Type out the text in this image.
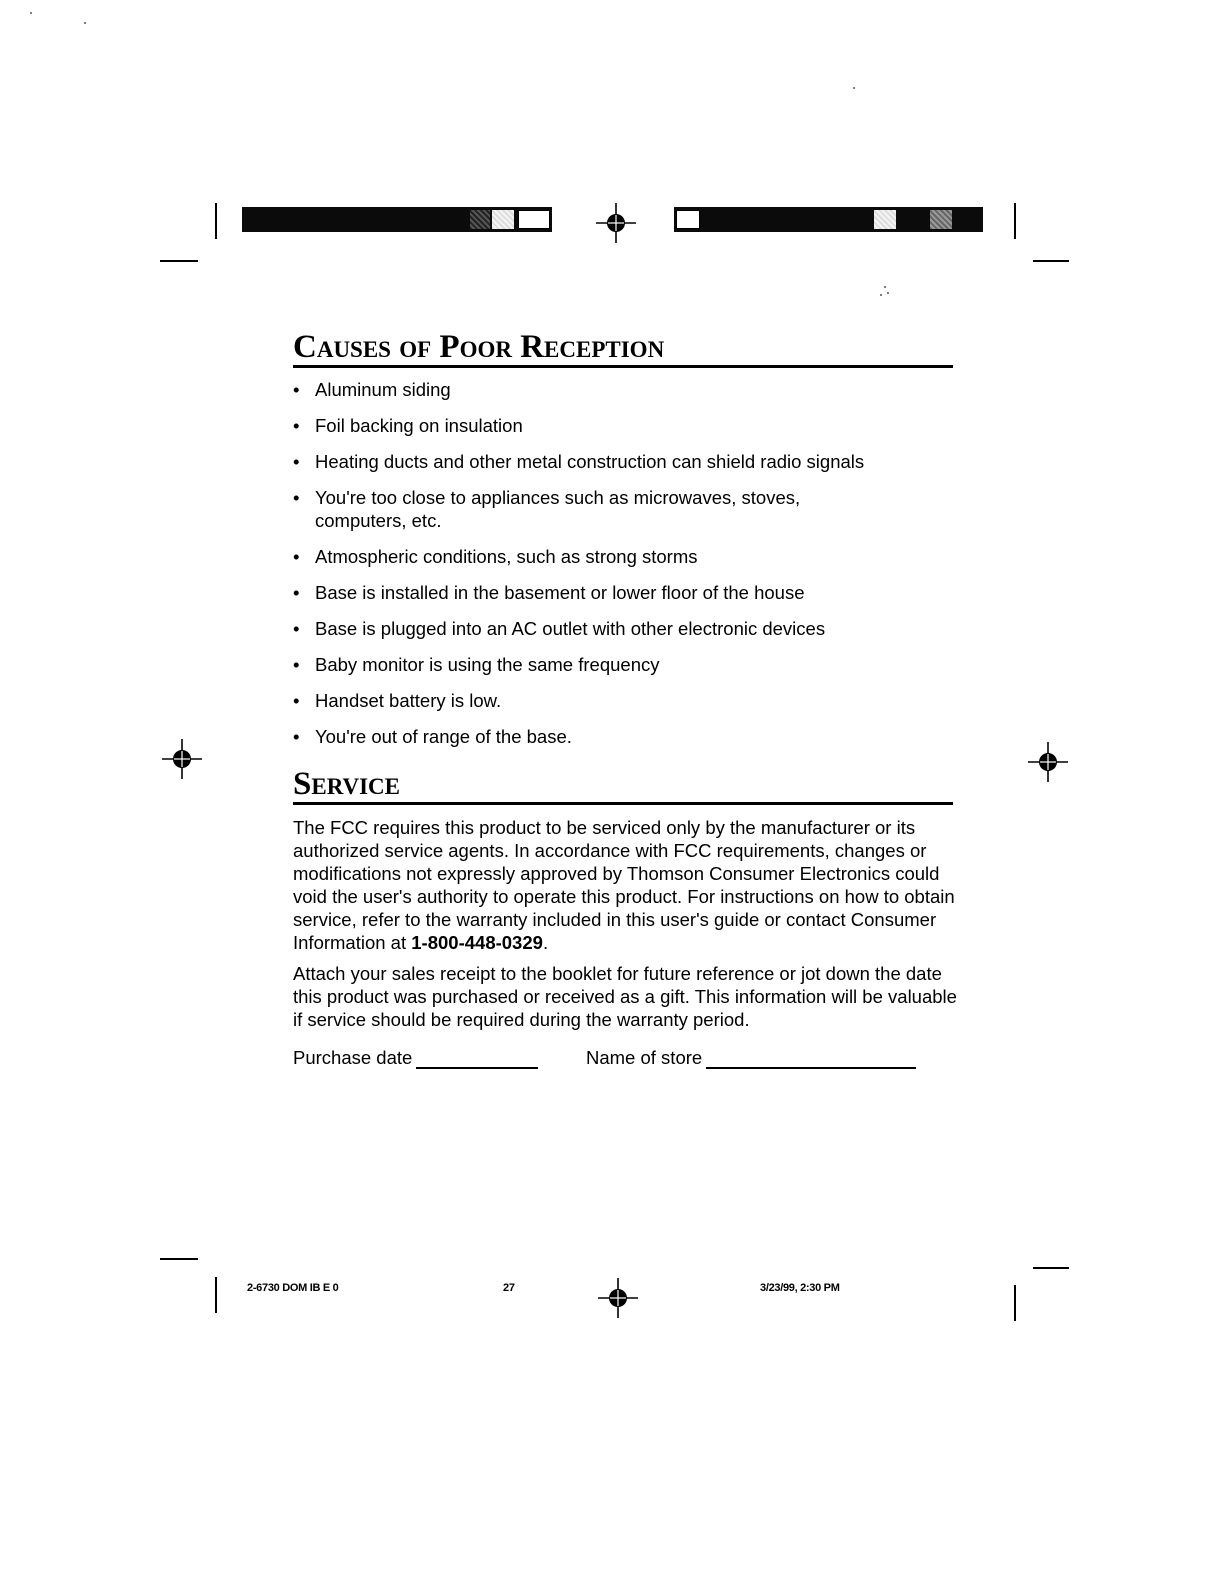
Causes of Poor Reception
• Aluminum siding
• Foil backing on insulation
• Heating ducts and other metal construction can shield radio signals
• You're too close to appliances such as microwaves, stoves, computers, etc.
• Atmospheric conditions, such as strong storms
• Base is installed in the basement or lower floor of the house
• Base is plugged into an AC outlet with other electronic devices
• Baby monitor is using the same frequency
• Handset battery is low.
• You're out of range of the base.
Service

The FCC requires this product to be serviced only by the manufacturer or its authorized service agents. In accordance with FCC requirements, changes or modifications not expressly approved by Thomson Consumer Electronics could void the user's authority to operate this product. For instructions on how to obtain service, refer to the warranty included in this user's guide or contact Consumer Information at 1-800-448-0329.

Attach your sales receipt to the booklet for future reference or jot down the date this product was purchased or received as a gift. This information will be valuable if service should be required during the warranty period.

Purchase date	Name of store
2-6730 DOM IB E 0	27	3/23/99, 2:30 PM
